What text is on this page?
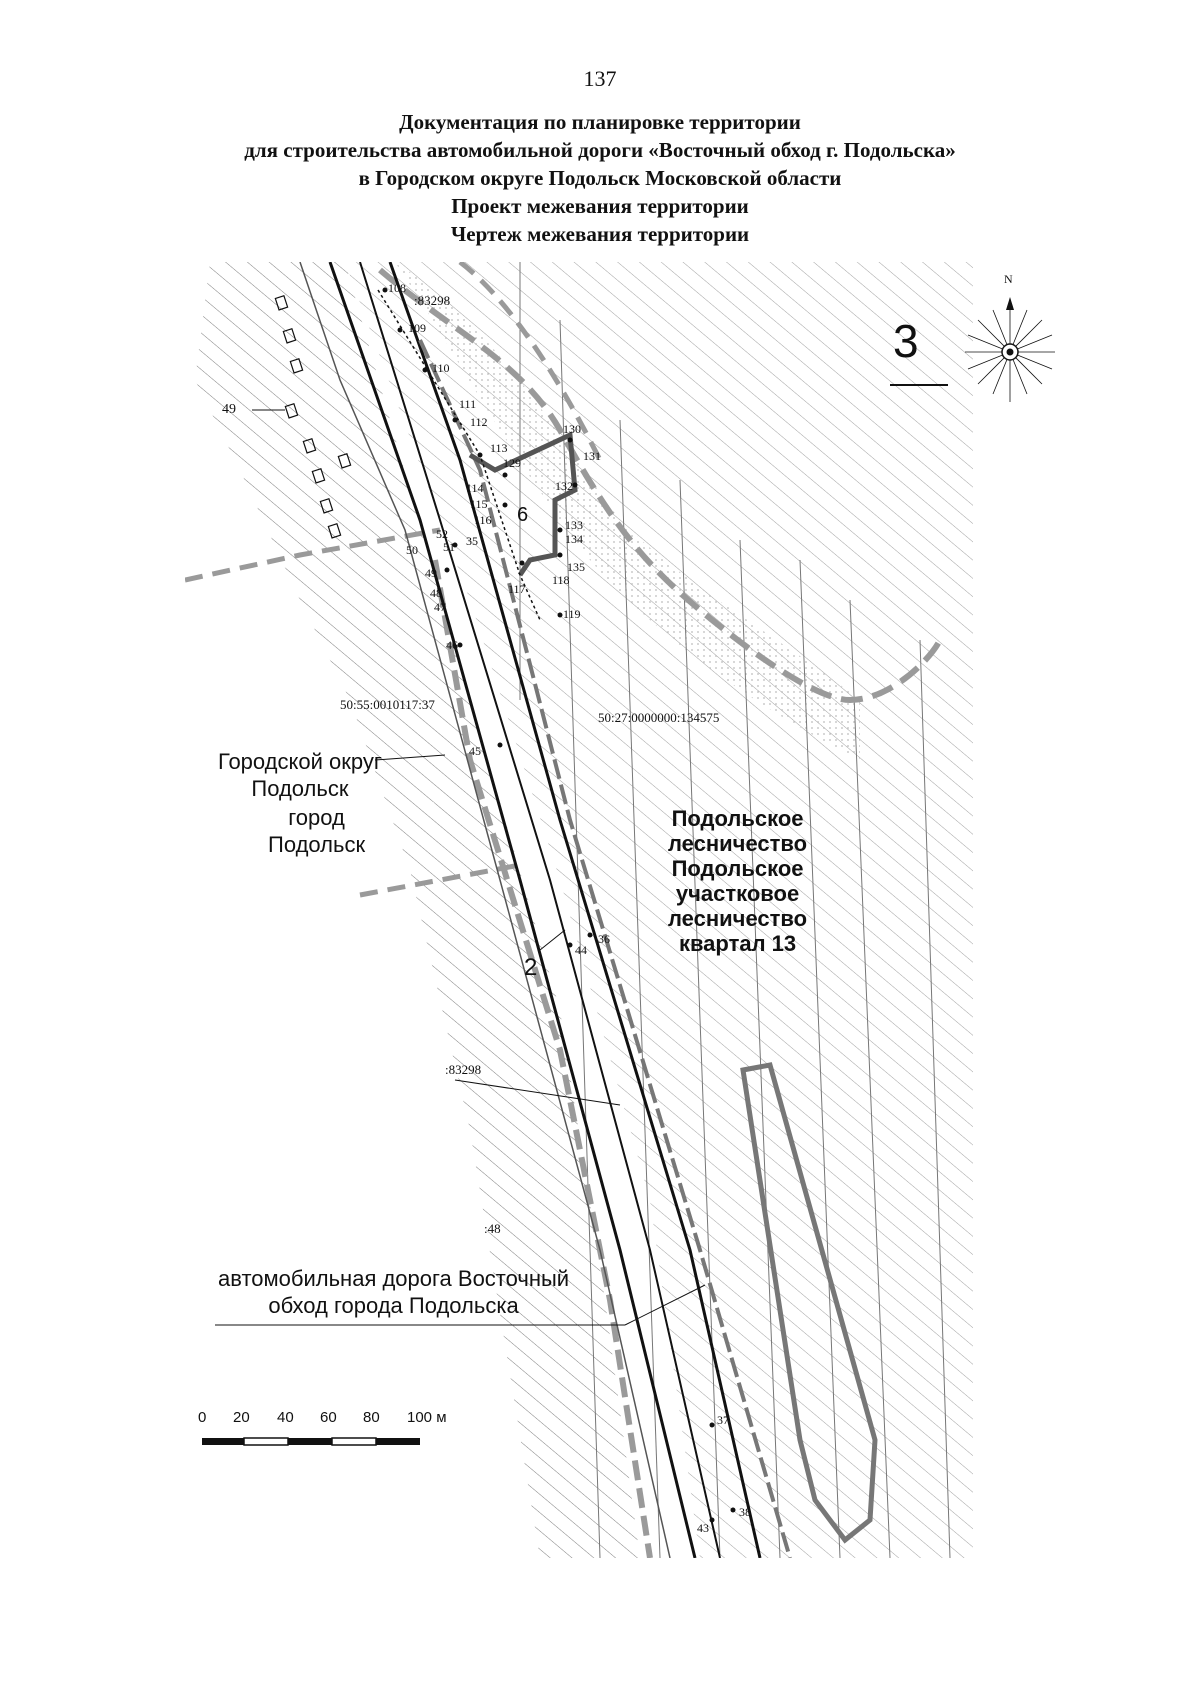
137
Документация по планировке территории
для строительства автомобильной дороги «Восточный обход г. Подольска»
в Городском округе Подольск Московской области
Проект межевания территории
Чертеж межевания территории
N
3
Городской округ
Подольск
город
Подольск
Подольское
лесничество
Подольское
участковое
лесничество
квартал 13
автомобильная дорога Восточный
обход города Подольска
50:55:0010117:37
50:27:0000000:134575
:83298
:83298
:48
6
2
49
108
109
110
111
112
113
114
115
116
117
118
119
129
130
131
132
133
134
135
50
52
51 35
49
48
47
46
45
44
36
37
38
43
0 20 40 60 80 100 м
